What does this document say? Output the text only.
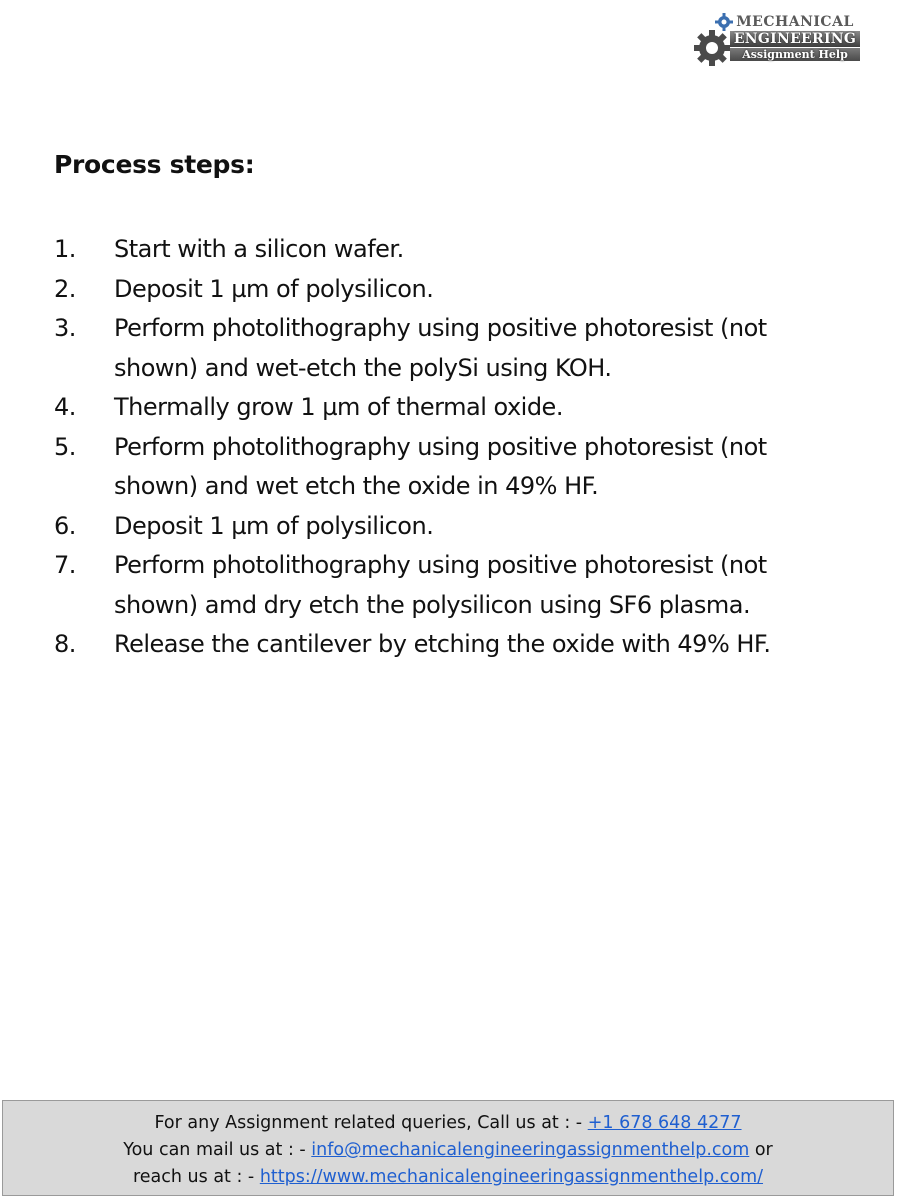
MECHANICAL
ENGINEERING
Assignment Help
Process steps:
1. Start with a silicon wafer.
2. Deposit 1 µm of polysilicon.
3. Perform photolithography using positive photoresist (not shown) and wet-etch the polySi using KOH.
4. Thermally grow 1 µm of thermal oxide.
5. Perform photolithography using positive photoresist (not shown) and wet etch the oxide in 49% HF.
6. Deposit 1 µm of polysilicon.
7. Perform photolithography using positive photoresist (not shown) amd dry etch the polysilicon using SF6 plasma.
8. Release the cantilever by etching the oxide with 49% HF.
For any Assignment related queries, Call us at : - +1 678 648 4277
You can mail us at : - info@mechanicalengineeringassignmenthelp.com or
reach us at : - https://www.mechanicalengineeringassignmenthelp.com/
